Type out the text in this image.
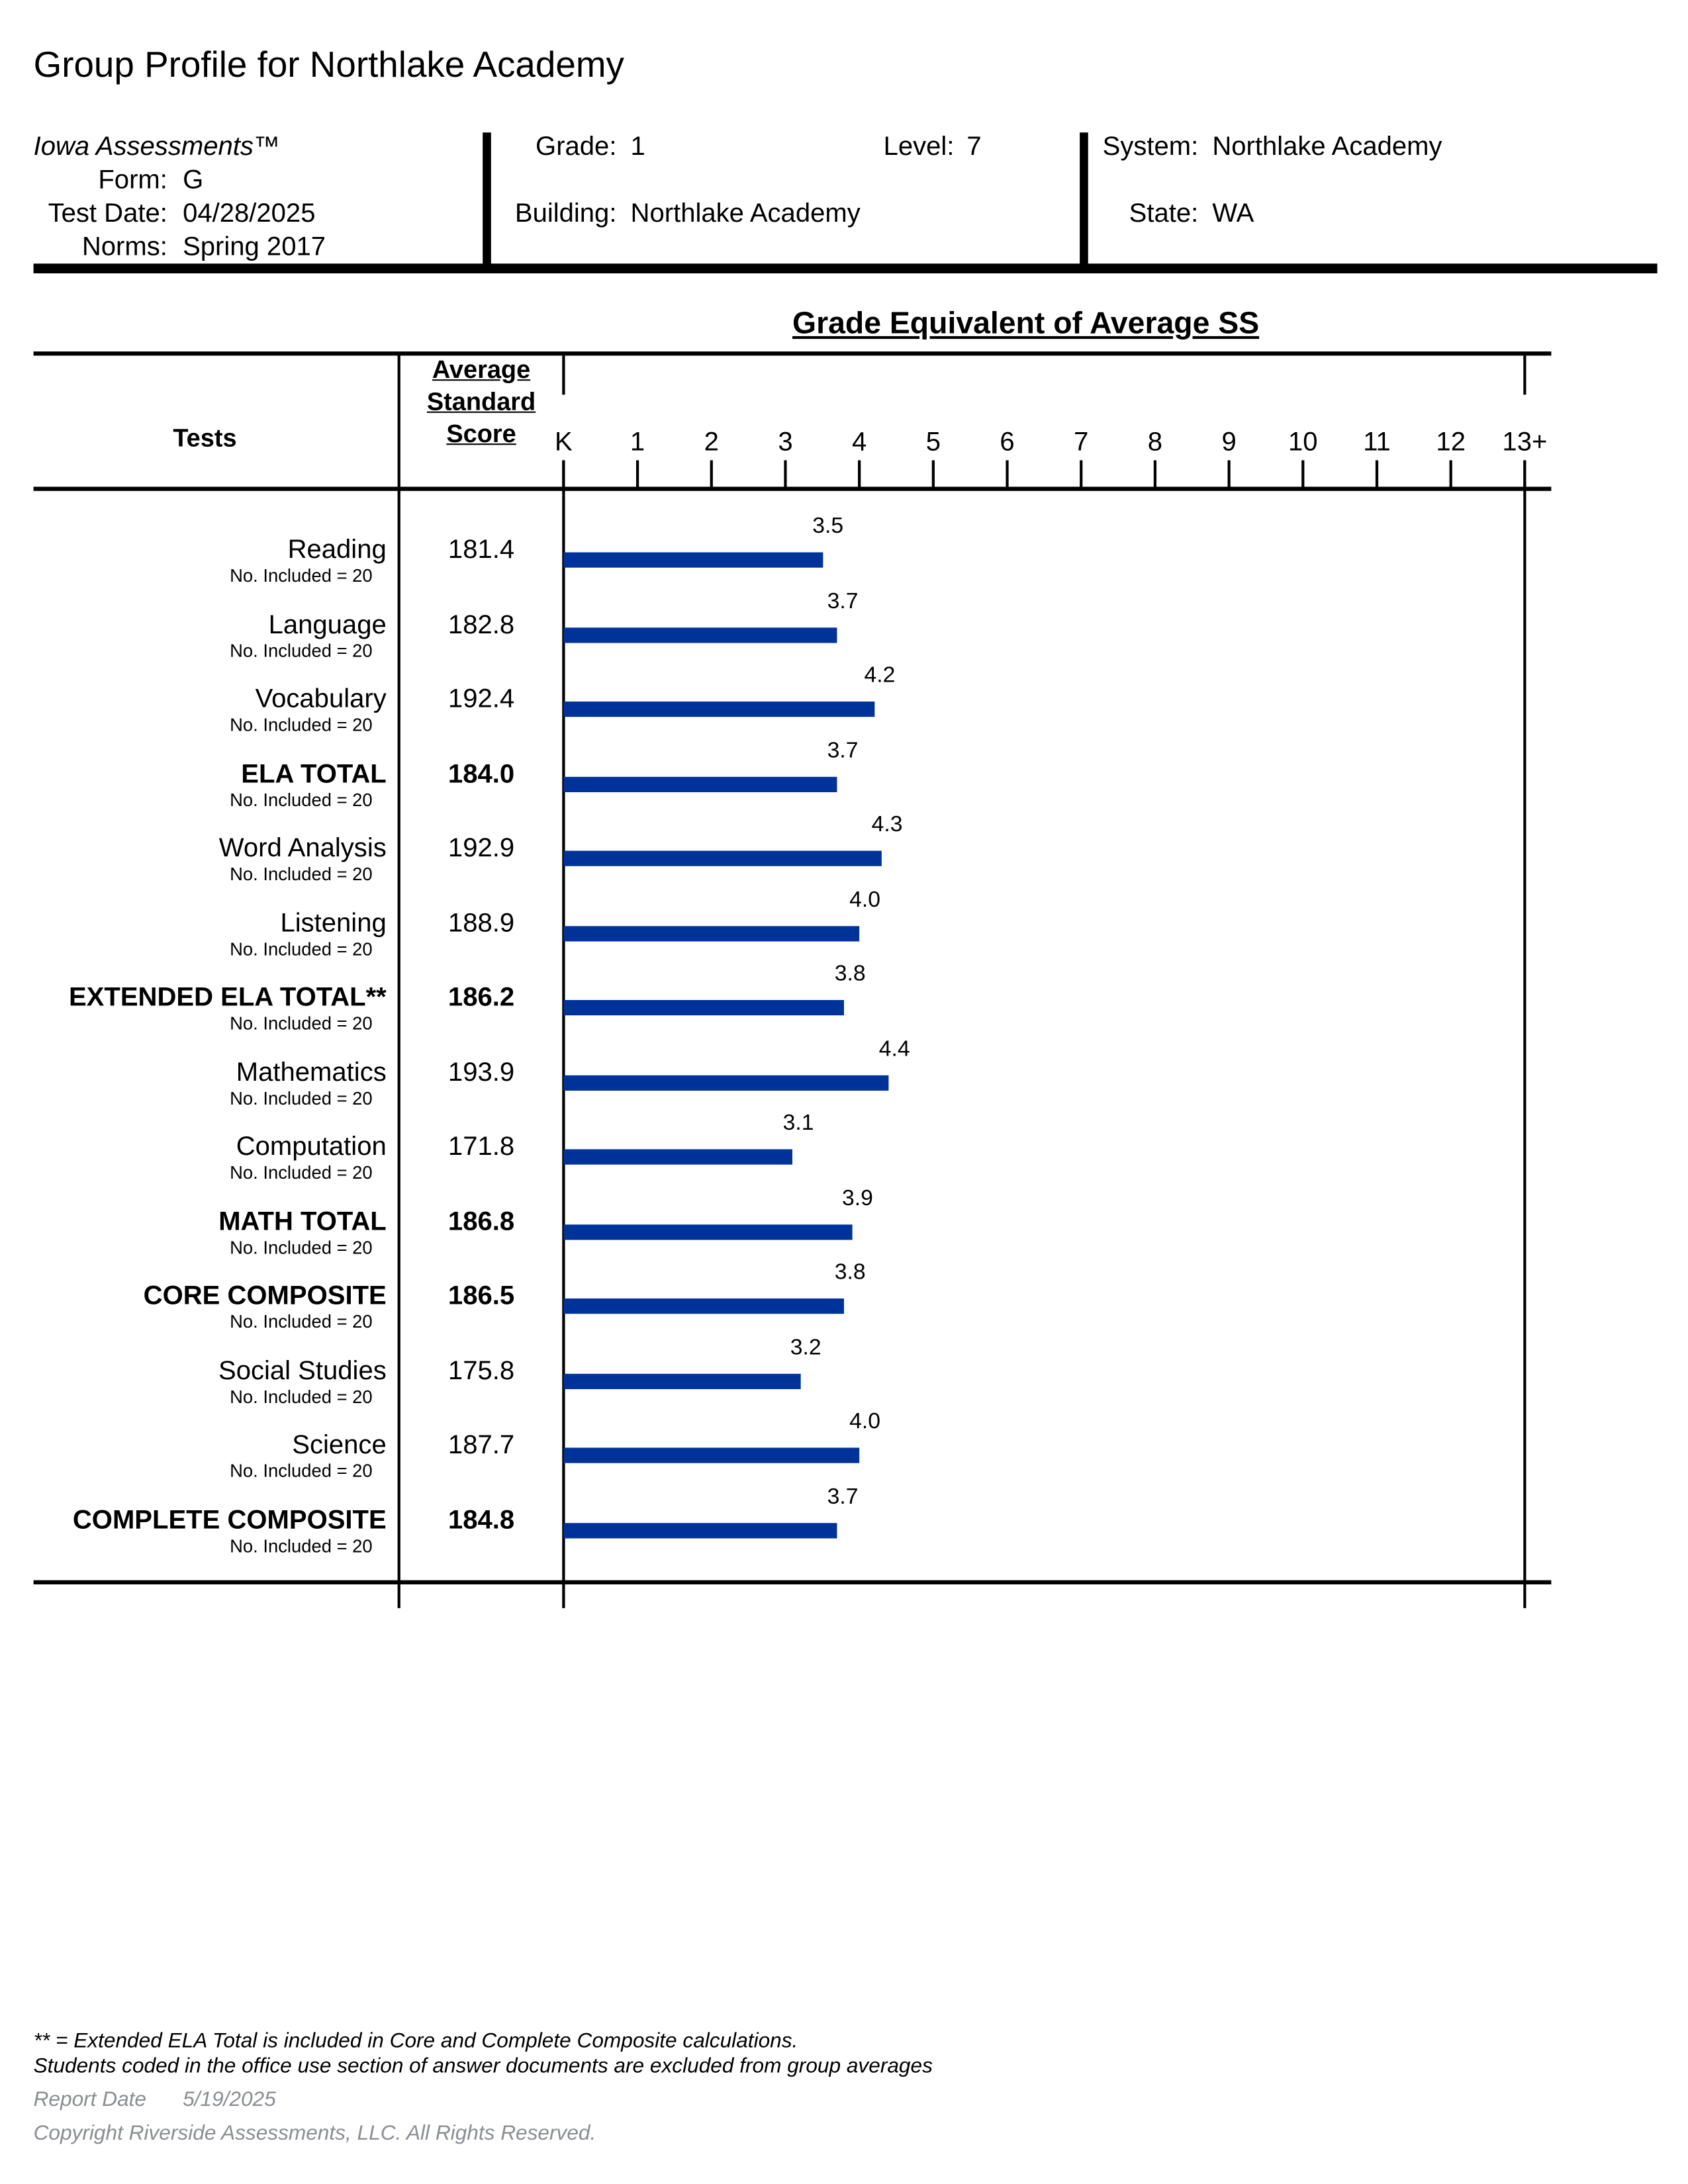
Group Profile for Northlake Academy
Iowa Assessments™
Form: G
Test Date: 04/28/2025
Norms: Spring 2017
Grade: 1	Level: 7
Building: Northlake Academy
System: Northlake Academy
State: WA
Grade Equivalent of Average SS
Tests
Average
Standard
Score	K	1	2	3	4	5	6	7	8	9	10	11	12	13+
Reading
No. Included = 20
181.4
3.5
Language
No. Included = 20
182.8
3.7
Vocabulary
No. Included = 20
192.4
4.2
ELA TOTAL
No. Included = 20
184.0
3.7
Word Analysis
No. Included = 20
192.9
4.3
Listening
No. Included = 20
188.9
4.0
EXTENDED ELA TOTAL**
No. Included = 20
186.2
3.8
Mathematics
No. Included = 20
193.9
4.4
Computation
No. Included = 20
171.8
3.1
MATH TOTAL
No. Included = 20
186.8
3.9
CORE COMPOSITE
No. Included = 20
186.5
3.8
Social Studies
No. Included = 20
175.8
3.2
Science
No. Included = 20
187.7
4.0
COMPLETE COMPOSITE
No. Included = 20
184.8
3.7
** = Extended ELA Total is included in Core and Complete Composite calculations.
Students coded in the office use section of answer documents are excluded from group averages
Report Date	5/19/2025
Copyright Riverside Assessments, LLC. All Rights Reserved.
